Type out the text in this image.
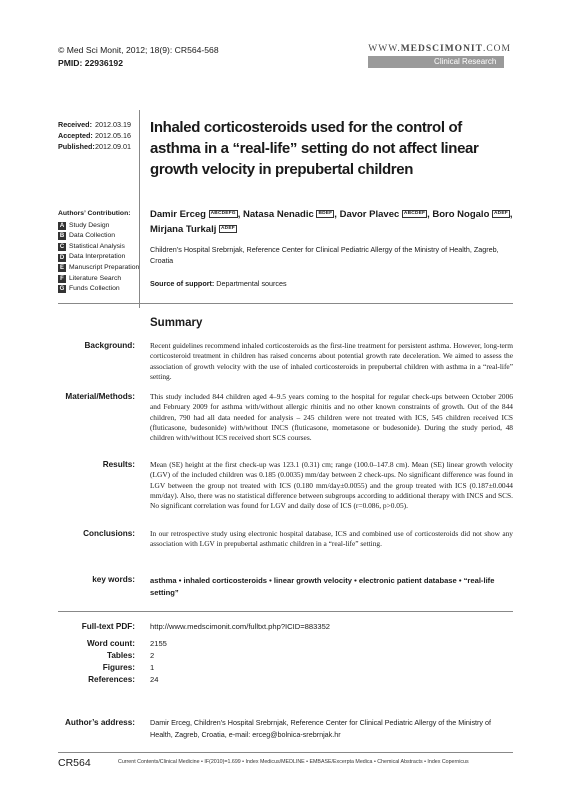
© Med Sci Monit, 2012; 18(9): CR564-568
PMID: 22936192
WWW.MEDSCIMONIT.COM
Clinical Research
Received: 2012.03.19
Accepted: 2012.05.16
Published: 2012.09.01
Inhaled corticosteroids used for the control of asthma in a “real-life” setting do not affect linear growth velocity in prepubertal children
Authors’ Contribution:
A Study Design
B Data Collection
C Statistical Analysis
D Data Interpretation
E Manuscript Preparation
F Literature Search
G Funds Collection
Damir Erceg ABCDEFG , Natasa Nenadic BDEF , Davor Plavec ABCDEF , Boro Nogalo ADEF , Mirjana Turkalj ADEF
Children’s Hospital Srebrnjak, Reference Center for Clinical Pediatric Allergy of the Ministry of Health, Zagreb, Croatia
Source of support: Departmental sources
Summary
Background: Recent guidelines recommend inhaled corticosteroids as the first-line treatment for persistent asthma. However, long-term corticosteroid treatment in children has raised concerns about potential growth rate deceleration. We aimed to assess the association of growth velocity with the use of inhaled corticosteroids in prepubertal children with asthma in a “real-life” setting.
Material/Methods: This study included 844 children aged 4–9.5 years coming to the hospital for regular check-ups between October 2006 and February 2009 for asthma with/without allergic rhinitis and no other known constraints of growth. Out of the 844 children, 790 had all data needed for analysis – 245 children were not treated with ICS, 545 children received ICS (fluticasone, budesonide) with/without INCS (fluticasone, mometasone or budesonide). During the study period, 48 children with/without ICS received short SCS courses.
Results: Mean (SE) height at the first check-up was 123.1 (0.31) cm; range (100.0–147.8 cm). Mean (SE) linear growth velocity (LGV) of the included children was 0.185 (0.0035) mm/day between 2 check-ups. No significant difference was found in LGV between the group not treated with ICS (0.180 mm/day±0.0055) and the group treated with ICS (0.187±0.0044 mm/day). Also, there was no statistical difference between subgroups according to additional therapy with INCS and SCS. No significant correlation was found for LGV and daily dose of ICS (r=0.086, p>0.05).
Conclusions: In our retrospective study using electronic hospital database, ICS and combined use of corticosteroids did not show any association with LGV in prepubertal asthmatic children in a “real-life” setting.
key words: asthma • inhaled corticosteroids • linear growth velocity • electronic patient database • “real-life setting”
Full-text PDF: http://www.medscimonit.com/fulltxt.php?ICID=883352
Word count: 2155
Tables: 2
Figures: 1
References: 24
Author’s address: Damir Erceg, Children’s Hospital Srebrnjak, Reference Center for Clinical Pediatric Allergy of the Ministry of Health, Zagreb, Croatia, e-mail: erceg@bolnica-srebrnjak.hr
CR564	Current Contents/Clinical Medicine • IF(2010)=1.699 • Index Medicus/MEDLINE • EMBASE/Excerpta Medica • Chemical Abstracts • Index Copernicus
